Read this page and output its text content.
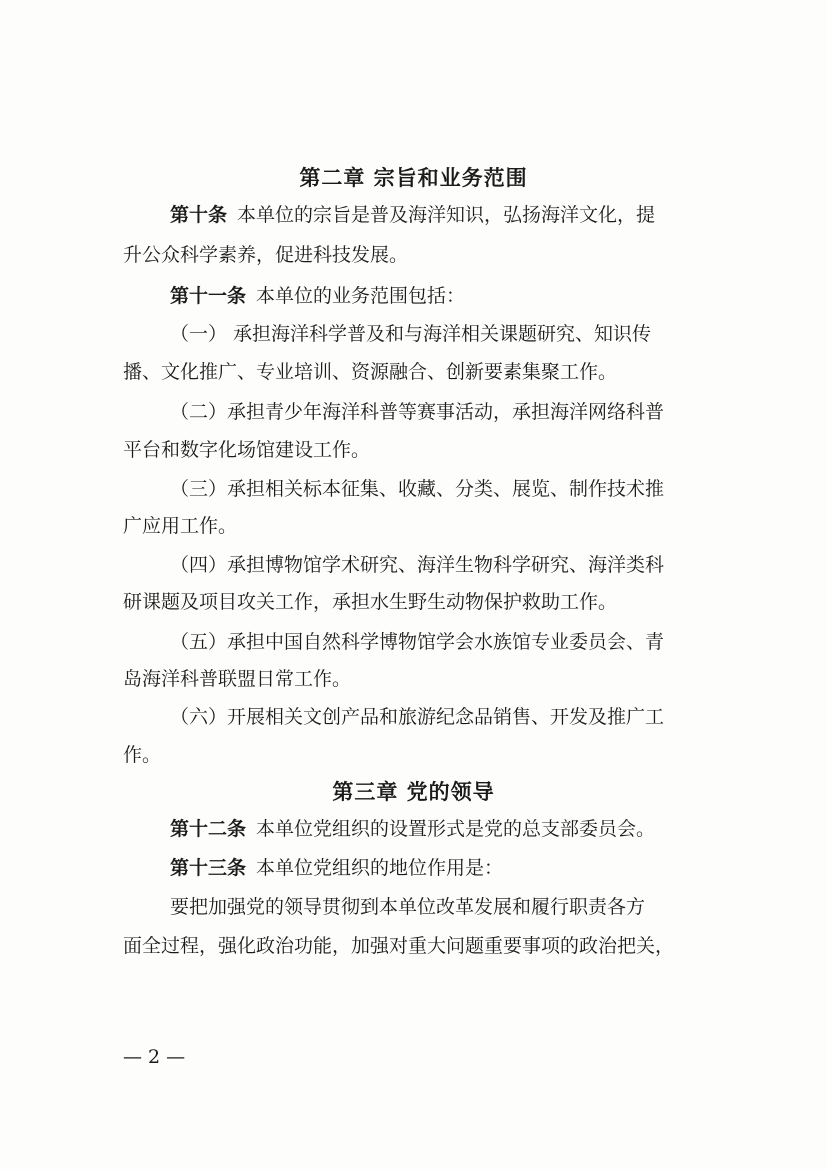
第二章 宗旨和业务范围
第十条 本单位的宗旨是普及海洋知识，弘扬海洋文化，提
升公众科学素养，促进科技发展。
第十一条 本单位的业务范围包括：
（一） 承担海洋科学普及和与海洋相关课题研究、知识传
播、文化推广、专业培训、资源融合、创新要素集聚工作。
（二）承担青少年海洋科普等赛事活动，承担海洋网络科普
平台和数字化场馆建设工作。
（三）承担相关标本征集、收藏、分类、展览、制作技术推
广应用工作。
（四）承担博物馆学术研究、海洋生物科学研究、海洋类科
研课题及项目攻关工作，承担水生野生动物保护救助工作。
（五）承担中国自然科学博物馆学会水族馆专业委员会、青
岛海洋科普联盟日常工作。
（六）开展相关文创产品和旅游纪念品销售、开发及推广工
作。
第三章 党的领导
第十二条 本单位党组织的设置形式是党的总支部委员会。
第十三条 本单位党组织的地位作用是：
要把加强党的领导贯彻到本单位改革发展和履行职责各方
面全过程，强化政治功能，加强对重大问题重要事项的政治把关，
— 2 —
